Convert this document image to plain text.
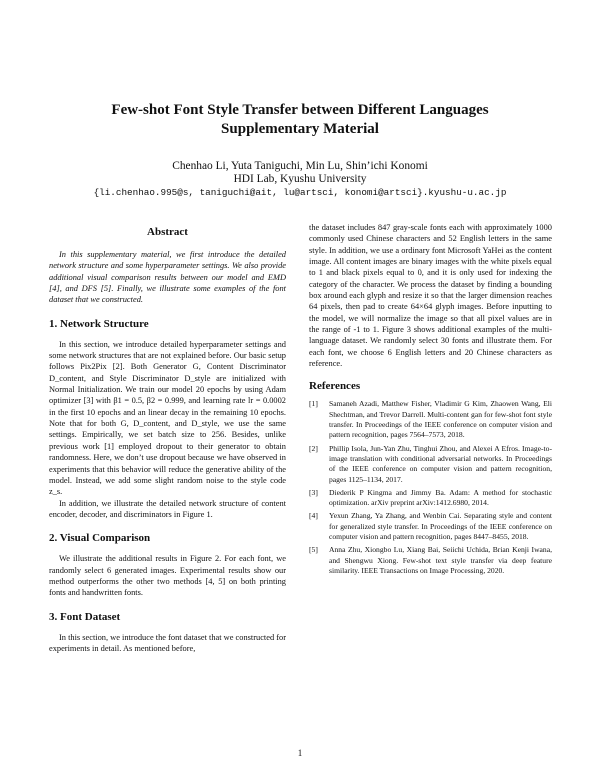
Few-shot Font Style Transfer between Different Languages
Supplementary Material
Chenhao Li, Yuta Taniguchi, Min Lu, Shin’ichi Konomi
HDI Lab, Kyushu University
{li.chenhao.995@s, taniguchi@ait, lu@artsci, konomi@artsci}.kyushu-u.ac.jp
Abstract

In this supplementary material, we first introduce the detailed network structure and some hyperparameter settings. We also provide additional visual comparison results between our model and EMD [4], and DFS [5]. Finally, we illustrate some examples of the font dataset that we constructed.

1. Network Structure

In this section, we introduce detailed hyperparameter settings and some network structures that are not explained before. Our basic setup follows Pix2Pix [2]. Both Generator G, Content Discriminator D_content, and Style Discriminator D_style are initialized with Normal Initialization. We train our model 20 epochs by using Adam optimizer [3] with β1 = 0.5, β2 = 0.999, and learning rate lr = 0.0002 in the first 10 epochs and an linear decay in the remaining 10 epochs. Note that for both G, D_content, and D_style, we use the same settings. Empirically, we set batch size to 256. Besides, unlike previous work [1] employed dropout to their generator to obtain randomness. Here, we don’t use dropout because we have observed in experiments that this behavior will reduce the generative ability of the model. Instead, we add some slight random noise to the style code z_s.

In addition, we illustrate the detailed network structure of content encoder, decoder, and discriminators in Figure 1.

2. Visual Comparison

We illustrate the additional results in Figure 2. For each font, we randomly select 6 generated images. Experimental results show our method outperforms the other two methods [4, 5] on both printing fonts and handwritten fonts.

3. Font Dataset

In this section, we introduce the font dataset that we constructed for experiments in detail. As mentioned before,

the dataset includes 847 gray-scale fonts each with approximately 1000 commonly used Chinese characters and 52 English letters in the same style. In addition, we use a ordinary font Microsoft YaHei as the content image. All content images are binary images with the white pixels equal to 1 and black pixels equal to 0, and it is only used for indexing the category of the character. We process the dataset by finding a bounding box around each glyph and resize it so that the larger dimension reaches 64 pixels, then pad to create 64×64 glyph images. Before inputting to the model, we will normalize the image so that all pixel values are in the range of -1 to 1. Figure 3 shows additional examples of the multi-language dataset. We randomly select 30 fonts and illustrate them. For each font, we choose 6 English letters and 20 Chinese characters as reference.

References
[1] Samaneh Azadi, Matthew Fisher, Vladimir G Kim, Zhaowen Wang, Eli Shechtman, and Trevor Darrell. Multi-content gan for few-shot font style transfer. In Proceedings of the IEEE conference on computer vision and pattern recognition, pages 7564–7573, 2018.
[2] Phillip Isola, Jun-Yan Zhu, Tinghui Zhou, and Alexei A Efros. Image-to-image translation with conditional adversarial networks. In Proceedings of the IEEE conference on computer vision and pattern recognition, pages 1125–1134, 2017.
[3] Diederik P Kingma and Jimmy Ba. Adam: A method for stochastic optimization. arXiv preprint arXiv:1412.6980, 2014.
[4] Yexun Zhang, Ya Zhang, and Wenbin Cai. Separating style and content for generalized style transfer. In Proceedings of the IEEE conference on computer vision and pattern recognition, pages 8447–8455, 2018.
[5] Anna Zhu, Xiongbo Lu, Xiang Bai, Seiichi Uchida, Brian Kenji Iwana, and Shengwu Xiong. Few-shot text style transfer via deep feature similarity. IEEE Transactions on Image Processing, 2020.
1
